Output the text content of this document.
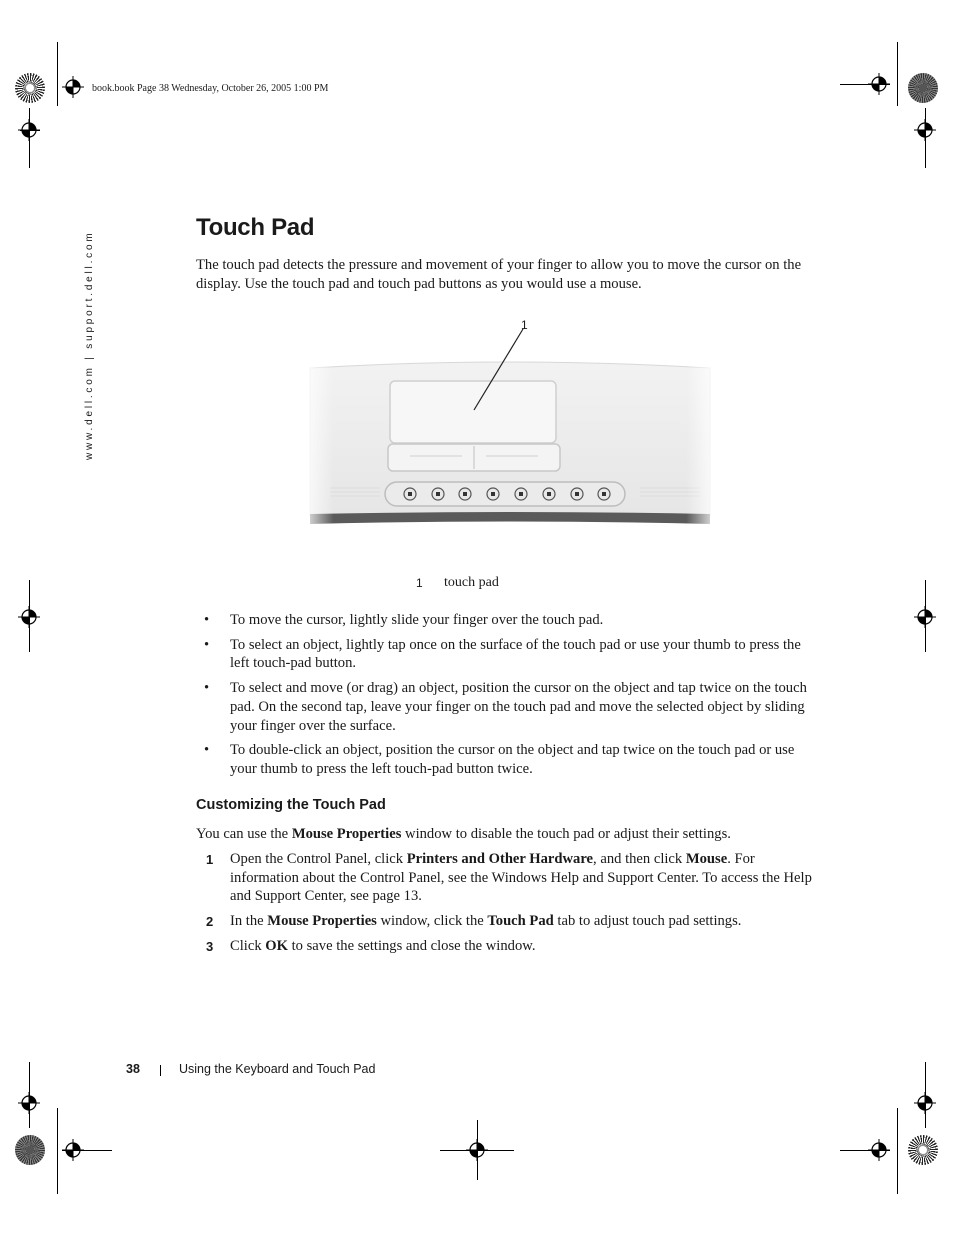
book.book Page 38 Wednesday, October 26, 2005 1:00 PM
www.dell.com | support.dell.com
Touch Pad

The touch pad detects the pressure and movement of your finger to allow you to move the cursor on the display. Use the touch pad and touch pad buttons as you would use a mouse.

1
1 touch pad
• To move the cursor, lightly slide your finger over the touch pad.
• To select an object, lightly tap once on the surface of the touch pad or use your thumb to press the left touch-pad button.
• To select and move (or drag) an object, position the cursor on the object and tap twice on the touch pad. On the second tap, leave your finger on the touch pad and move the selected object by sliding your finger over the surface.
• To double-click an object, position the cursor on the object and tap twice on the touch pad or use your thumb to press the left touch-pad button twice.
Customizing the Touch Pad

You can use the Mouse Properties window to disable the touch pad or adjust their settings.

1 Open the Control Panel, click Printers and Other Hardware, and then click Mouse. For information about the Control Panel, see the Windows Help and Support Center. To access the Help and Support Center, see page 13.
2 In the Mouse Properties window, click the Touch Pad tab to adjust touch pad settings.
3 Click OK to save the settings and close the window.
38	Using the Keyboard and Touch Pad
